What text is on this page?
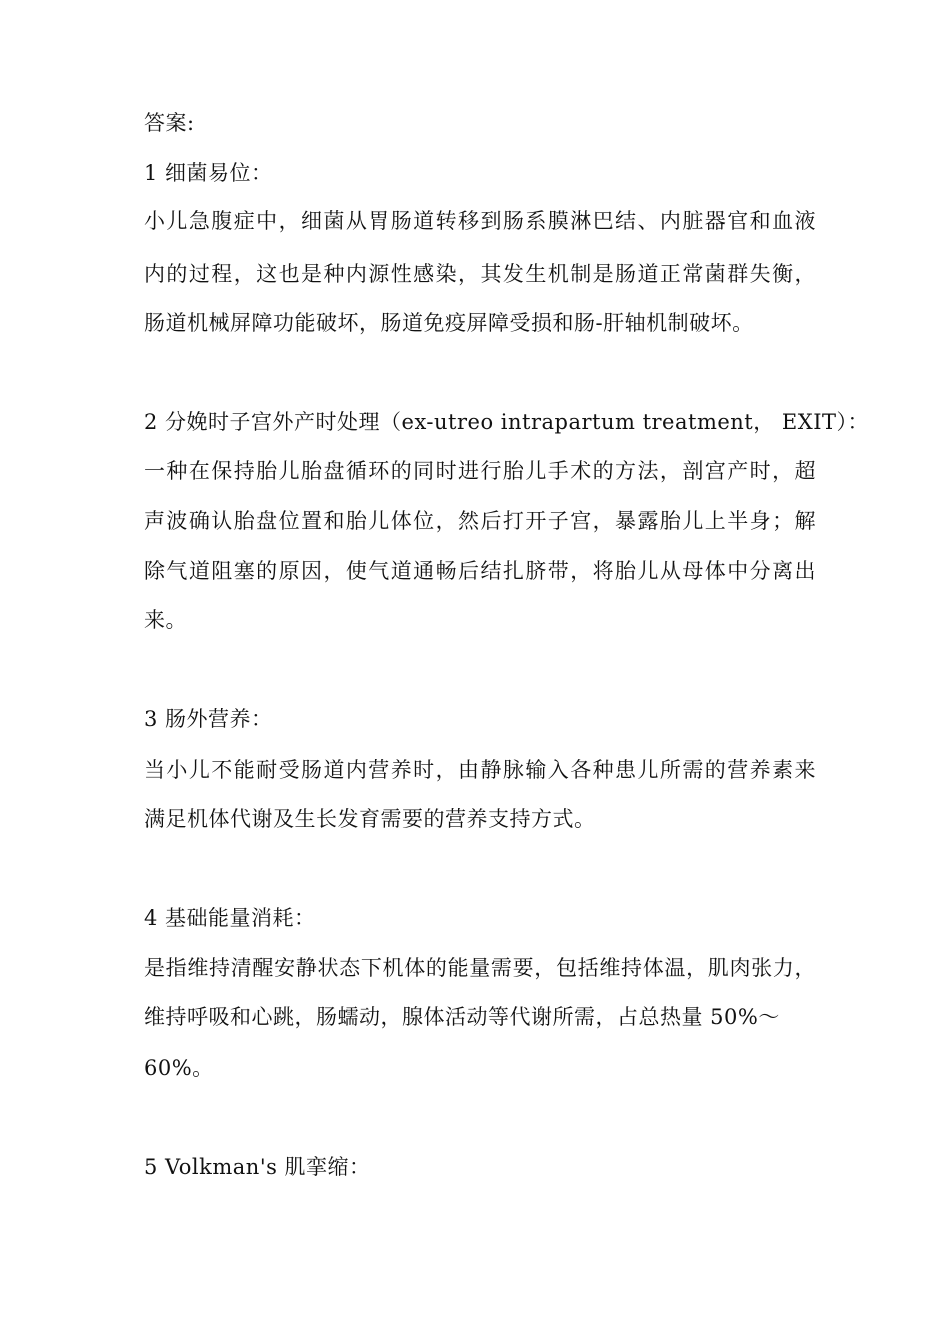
答案:
1 细菌易位：
小儿急腹症中，细菌从胃肠道转移到肠系膜淋巴结、内脏器官和血液
内的过程，这也是种内源性感染，其发生机制是肠道正常菌群失衡，
肠道机械屏障功能破坏，肠道免疫屏障受损和肠-肝轴机制破坏。
2 分娩时子宫外产时处理（ex-utreo intrapartum treatment， EXIT）：
一种在保持胎儿胎盘循环的同时进行胎儿手术的方法，剖宫产时，超
声波确认胎盘位置和胎儿体位，然后打开子宫，暴露胎儿上半身；解
除气道阻塞的原因，使气道通畅后结扎脐带，将胎儿从母体中分离出
来。
3 肠外营养：
当小儿不能耐受肠道内营养时，由静脉输入各种患儿所需的营养素来
满足机体代谢及生长发育需要的营养支持方式。
4 基础能量消耗：
是指维持清醒安静状态下机体的能量需要，包括维持体温，肌肉张力，
维持呼吸和心跳，肠蠕动，腺体活动等代谢所需，占总热量 50%～
60%。
5 Volkman's 肌挛缩：
